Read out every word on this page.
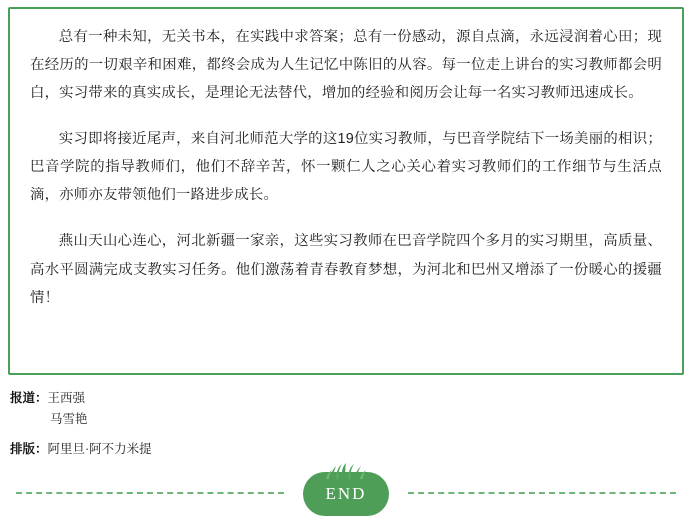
总有一种未知，无关书本，在实践中求答案；总有一份感动，源自点滴，永远浸润着心田；现在经历的一切艰辛和困难，都终会成为人生记忆中陈旧的从容。每一位走上讲台的实习教师都会明白，实习带来的真实成长，是理论无法替代，增加的经验和阅历会让每一名实习教师迅速成长。

实习即将接近尾声，来自河北师范大学的这19位实习教师，与巴音学院结下一场美丽的相识；巴音学院的指导教师们，他们不辞辛苦，怀一颗仁人之心关心着实习教师们的工作细节与生活点滴，亦师亦友带领他们一路进步成长。

燕山天山心连心，河北新疆一家亲，这些实习教师在巴音学院四个多月的实习期里，高质量、高水平圆满完成支教实习任务。他们激荡着青春教育梦想，为河北和巴州又增添了一份暖心的援疆情！

报道：王西强
马雪艳
排版：阿里旦·阿不力米提
END
